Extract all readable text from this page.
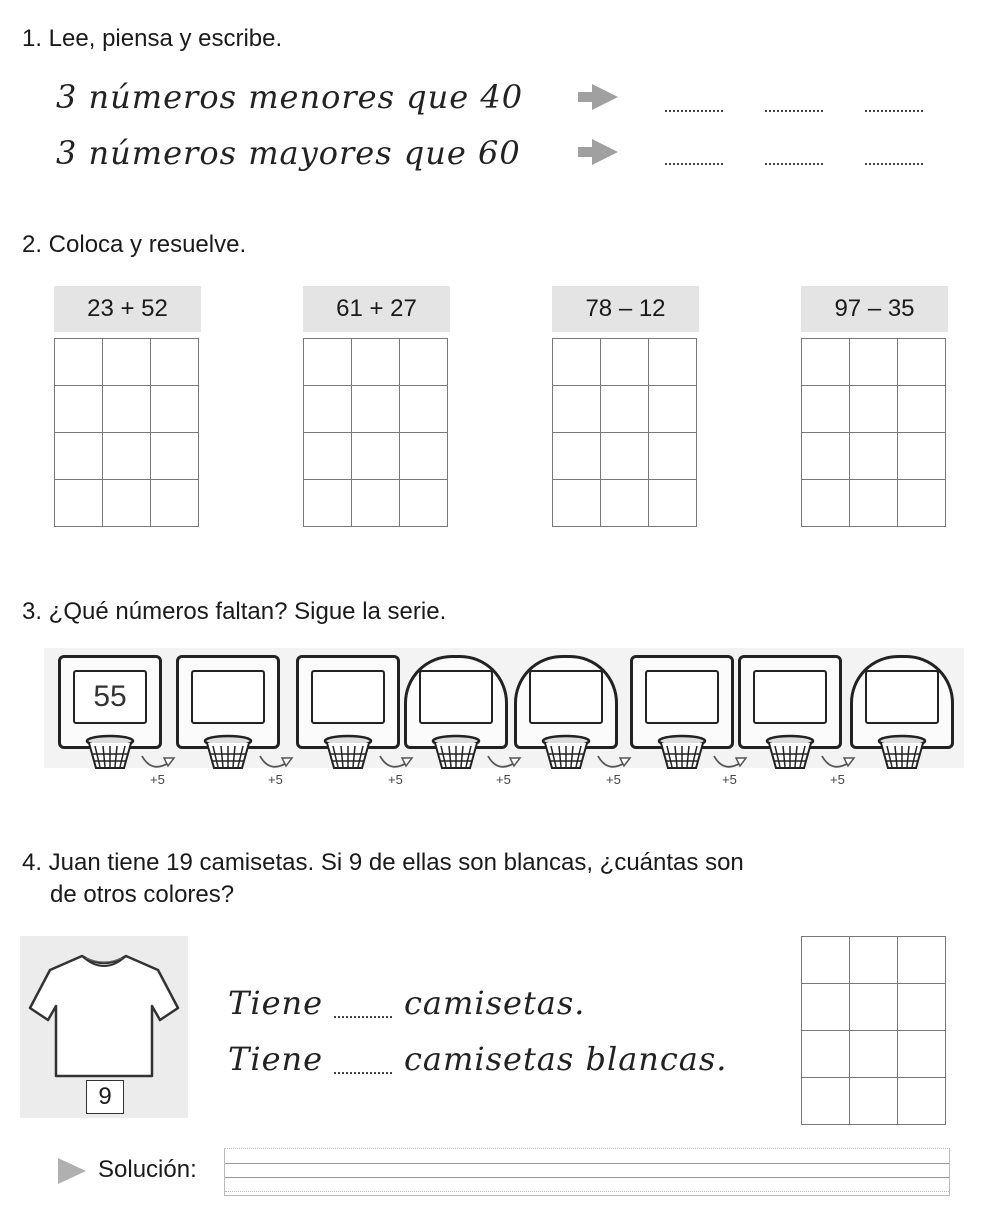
1. Lee, piensa y escribe.
3 números menores que 40
3 números mayores que 60
2. Coloca y resuelve.
23 + 52

			61 + 27

			78 – 12

			97 – 35

3. ¿Qué números faltan? Sigue la serie.
55
+5	+5	+5	+5	+5	+5	+5
4. Juan tiene 19 camisetas. Si 9 de ellas son blancas, ¿cuántas son
de otros colores?
9
Tiene	camisetas.
Tiene	camisetas blancas.

Solución:
